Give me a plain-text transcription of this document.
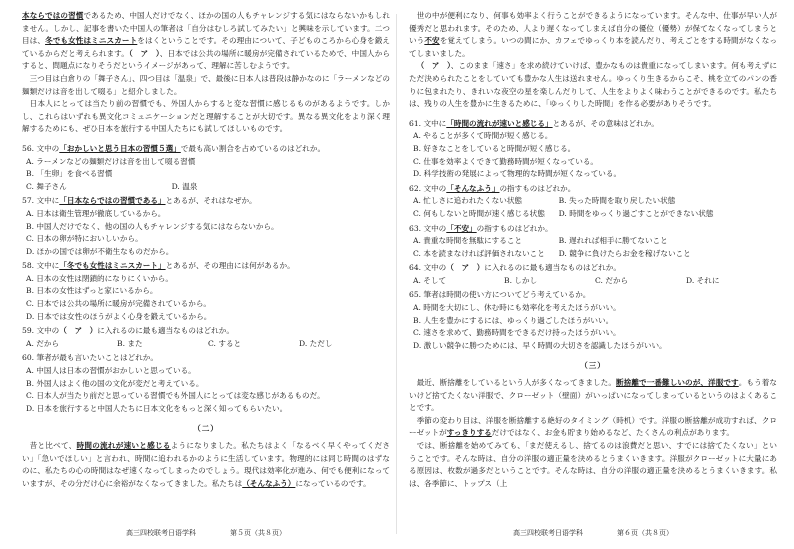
本ならではの習慣であるため、中国人だけでなく、ほかの国の人もチャレンジする気にはならないかもしれません。しかし、記事を書いた中国人の筆者は「自分はむしろ試してみたい」と興味を示しています。二つ目は、冬でも女性はミニスカートをはくということです。その理由について、子どものころから心身を鍛えているからだと考えられます。（　ア　）、日本では公共の場所に暖房が完備されているためで、中国人からすると、問題点になりそうだというイメージがあって、理解に苦しむようです。

三つ目は白倉りの「舞子さん」、四つ目は「温泉」で、最後に日本人は普段は静かなのに「ラーメンなどの麺類だけは音を出して啜る」と紹介しました。

日本人にとっては当たり前の習慣でも、外国人からすると変な習慣に感じるものがあるようです。しかし、これらはいずれも異文化コミュニケーションだと理解することが大切です。異なる異文化をより深く理解するためにも、ぜひ日本を旅行する中国人たちにも試してほしいものです。

56. 文中の「おかしいと思う日本の習慣５選」で最も高い割合を占めているのはどれか。
A. ラーメンなどの麺類だけは音を出して啜る習慣
B. 「生卵」を食べる習慣
C. 舞子さん	D. 温泉
57. 文中に「日本ならではの習慣である」とあるが、それはなぜか。
A. 日本は衛生管理が徹底しているから。
B. 中国人だけでなく、他の国の人もチャレンジする気にはならないから。
C. 日本の卵が特においしいから。
D. ほかの国では卵が不衛生なものだから。
58. 文中に「冬でも女性はミニスカート」とあるが、その理由には何があるか。
A. 日本の女性は閉鎖的になりにくいから。
B. 日本の女性はずっと家にいるから。
C. 日本では公共の場所に暖房が完備されているから。
D. 日本では女性のほうがよく心身を鍛えているから。
59. 文中の（　ア　）に入れるのに最も適当なものはどれか。
A. だから	B. また	C. すると	D. ただし
60. 筆者が最も言いたいことはどれか。
A. 中国人は日本の習慣がおかしいと思っている。
B. 外国人はよく他の国の文化が変だと考えている。
C. 日本人が当たり前だと思っている習慣でも外国人にとっては変な感じがあるものだ。
D. 日本を旅行すると中国人たちに日本文化をもっと深く知ってもらいたい。
（二）

昔と比べて、時間の流れが速いと感じるようになりました。私たちはよく「なるべく早くやってください」「急いでほしい」と言われ、時間に追われるかのように生活しています。物理的には同じ時間のはずなのに、私たちの心の時間はなぜ速くなってしまったのでしょう。現代は効率化が進み、何でも便利になっていますが、その分だけ心に余裕がなくなってきました。私たちは（そんなふう）になっているのです。

高三四校联考日语学科	第５页（共８页）

世の中が便利になり、何事も効率よく行うことができるようになっています。そんな中、仕事が早い人が優秀だと思われます。そのため、人より遅くなってしまえば自分の優位（優勢）が保てなくなってしまうという不安を覚えてしまう。いつの間にか、カフェでゆっくり本を読んだり、考えごとをする時間がなくなってしまいました。

（　ア　）、このまま「速さ」を求め続けていけば、豊かなものは貴重になってしまいます。何も考えずにただ決められたことをしていても豊かな人生は送れません。ゆっくり生きるからこそ、桃を立てのパンの香りに包まれたり、きれいな夜空の星を楽しんだりして、人生をよりよく味わうことができるのです。私たちは、残りの人生を豊かに生きるために、「ゆっくりした時間」を作る必要がありそうです。

61. 文中に「時間の流れが速いと感じる」とあるが、その意味はどれか。
A. やることが多くて時間が短く感じる。
B. 好きなことをしていると時間が短く感じる。
C. 仕事を効率よくできて勤務時間が短くなっている。
D. 科学技術の発展によって物理的な時間が短くなっている。
62. 文中の「そんなふう」の指すものはどれか。
A. 忙しさに追われたくない状態	B. 失った時間を取り戻したい状態
C. 何もしないと時間が速く感じる状態	D. 時間をゆっくり過ごすことができない状態
63. 文中の「不安」の指すものはどれか。
A. 貴重な時間を無駄にすること	B. 遅れれば相手に勝てないこと
C. 本を読まなければ評価されないこと	D. 競争に負けたらお金を稼げないこと
64. 文中の（　ア　）に入れるのに最も適当なものはどれか。
A. そして	B. しかし	C. だから	D. それに
65. 筆者は時間の使い方についてどう考えているか。
A. 時間を大切にし、休む時にも効率化を考えたほうがいい。
B. 人生を豊かにするには、ゆっくり過ごしたほうがいい。
C. 速さを求めて、勤務時間をできるだけ持ったほうがいい。
D. 激しい競争に勝つためには、早く時間の大切さを認識したほうがいい。
（三）

最近、断捨離をしているという人が多くなってきました。断捨離で一番難しいのが、洋服です。もう着ないけど捨てたくない洋服で、クローゼット（壁面）がいっぱいになってしまっているというのはよくあることです。

季節の変わり目は、洋服を断捨離する絶好のタイミング（時机）です。洋服の断捨離が成功すれば、クローゼットがすっきりするだけではなく、お金も貯まり始めるなど、たくさんの利点があります。

では、断捨離を始めてみても、「まだ使えるし、捨てるのは浪費だと思い、すでには捨てたくない」ということです。そんな時は、自分の洋服の適正量を決めるとうまくいきます。洋服がクローゼットに大量にある原因は、枚数が過多だということです。そんな時は、自分の洋服の適正量を決めるとうまくいきます。私は、各季節に、トップス（上

高三四校联考日语学科	第６页（共８页）
